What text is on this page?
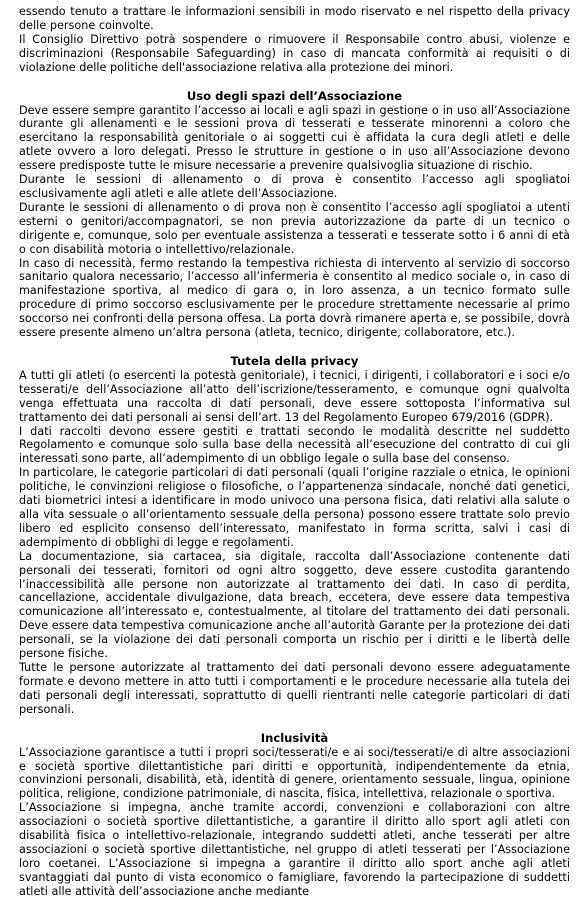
essendo tenuto a trattare le informazioni sensibili in modo riservato e nel rispetto della privacy delle persone coinvolte.

Il Consiglio Direttivo potrà sospendere o rimuovere il Responsabile contro abusi, violenze e discriminazioni (Responsabile Safeguarding) in caso di mancata conformità ai requisiti o di violazione delle politiche dell'associazione relativa alla protezione dei minori.

Uso degli spazi dell’Associazione

Deve essere sempre garantito l’accesso ai locali e agli spazi in gestione o in uso all’Associazione durante gli allenamenti e le sessioni prova di tesserati e tesserate minorenni a coloro che esercitano la responsabilità genitoriale o ai soggetti cui è affidata la cura degli atleti e delle atlete ovvero a loro delegati. Presso le strutture in gestione o in uso all’Associazione devono essere predisposte tutte le misure necessarie a prevenire qualsivoglia situazione di rischio.

Durante le sessioni di allenamento o di prova è consentito l’accesso agli spogliatoi esclusivamente agli atleti e alle atlete dell’Associazione.

Durante le sessioni di allenamento o di prova non è consentito l’accesso agli spogliatoi a utenti esterni o genitori/accompagnatori, se non previa autorizzazione da parte di un tecnico o dirigente e, comunque, solo per eventuale assistenza a tesserati e tesserate sotto i 6 anni di età o con disabilità motoria o intellettivo/relazionale.

In caso di necessità, fermo restando la tempestiva richiesta di intervento al servizio di soccorso sanitario qualora necessario, l’accesso all’infermeria è consentito al medico sociale o, in caso di manifestazione sportiva, al medico di gara o, in loro assenza, a un tecnico formato sulle procedure di primo soccorso esclusivamente per le procedure strettamente necessarie al primo soccorso nei confronti della persona offesa. La porta dovrà rimanere aperta e, se possibile, dovrà essere presente almeno un’altra persona (atleta, tecnico, dirigente, collaboratore, etc.).

Tutela della privacy

A tutti gli atleti (o esercenti la potestà genitoriale), i tecnici, i dirigenti, i collaboratori e i soci e/o tesserati/e dell’Associazione all’atto dell’iscrizione/tesseramento, e comunque ogni qualvolta venga effettuata una raccolta di dati personali, deve essere sottoposta l’informativa sul trattamento dei dati personali ai sensi dell’art. 13 del Regolamento Europeo 679/2016 (GDPR).

I dati raccolti devono essere gestiti e trattati secondo le modalità descritte nel suddetto Regolamento e comunque solo sulla base della necessità all’esecuzione del contratto di cui gli interessati sono parte, all’adempimento di un obbligo legale o sulla base del consenso.

In particolare, le categorie particolari di dati personali (quali l’origine razziale o etnica, le opinioni politiche, le convinzioni religiose o filosofiche, o l’appartenenza sindacale, nonché dati genetici, dati biometrici intesi a identificare in modo univoco una persona fisica, dati relativi alla salute o alla vita sessuale o all’orientamento sessuale della persona) possono essere trattate solo previo libero ed esplicito consenso dell’interessato, manifestato in forma scritta, salvi i casi di adempimento di obblighi di legge e regolamenti.

La documentazione, sia cartacea, sia digitale, raccolta dall’Associazione contenente dati personali dei tesserati, fornitori od ogni altro soggetto, deve essere custodita garantendo l’inaccessibilità alle persone non autorizzate al trattamento dei dati. In caso di perdita, cancellazione, accidentale divulgazione, data breach, eccetera, deve essere data tempestiva comunicazione all’interessato e, contestualmente, al titolare del trattamento dei dati personali. Deve essere data tempestiva comunicazione anche all’autorità Garante per la protezione dei dati personali, se la violazione dei dati personali comporta un rischio per i diritti e le libertà delle persone fisiche.

Tutte le persone autorizzate al trattamento dei dati personali devono essere adeguatamente formate e devono mettere in atto tutti i comportamenti e le procedure necessarie alla tutela dei dati personali degli interessati, soprattutto di quelli rientranti nelle categorie particolari di dati personali.

Inclusività

L’Associazione garantisce a tutti i propri soci/tesserati/e e ai soci/tesserati/e di altre associazioni e società sportive dilettantistiche pari diritti e opportunità, indipendentemente da etnia, convinzioni personali, disabilità, età, identità di genere, orientamento sessuale, lingua, opinione politica, religione, condizione patrimoniale, di nascita, fisica, intellettiva, relazionale o sportiva.

L’Associazione si impegna, anche tramite accordi, convenzioni e collaborazioni con altre associazioni o società sportive dilettantistiche, a garantire il diritto allo sport agli atleti con disabilità fisica o intellettivo-relazionale, integrando suddetti atleti, anche tesserati per altre associazioni o società sportive dilettantistiche, nel gruppo di atleti tesserati per l’Associazione loro coetanei. L’Associazione si impegna a garantire il diritto allo sport anche agli atleti svantaggiati dal punto di vista economico o famigliare, favorendo la partecipazione di suddetti atleti alle attività dell’associazione anche mediante
